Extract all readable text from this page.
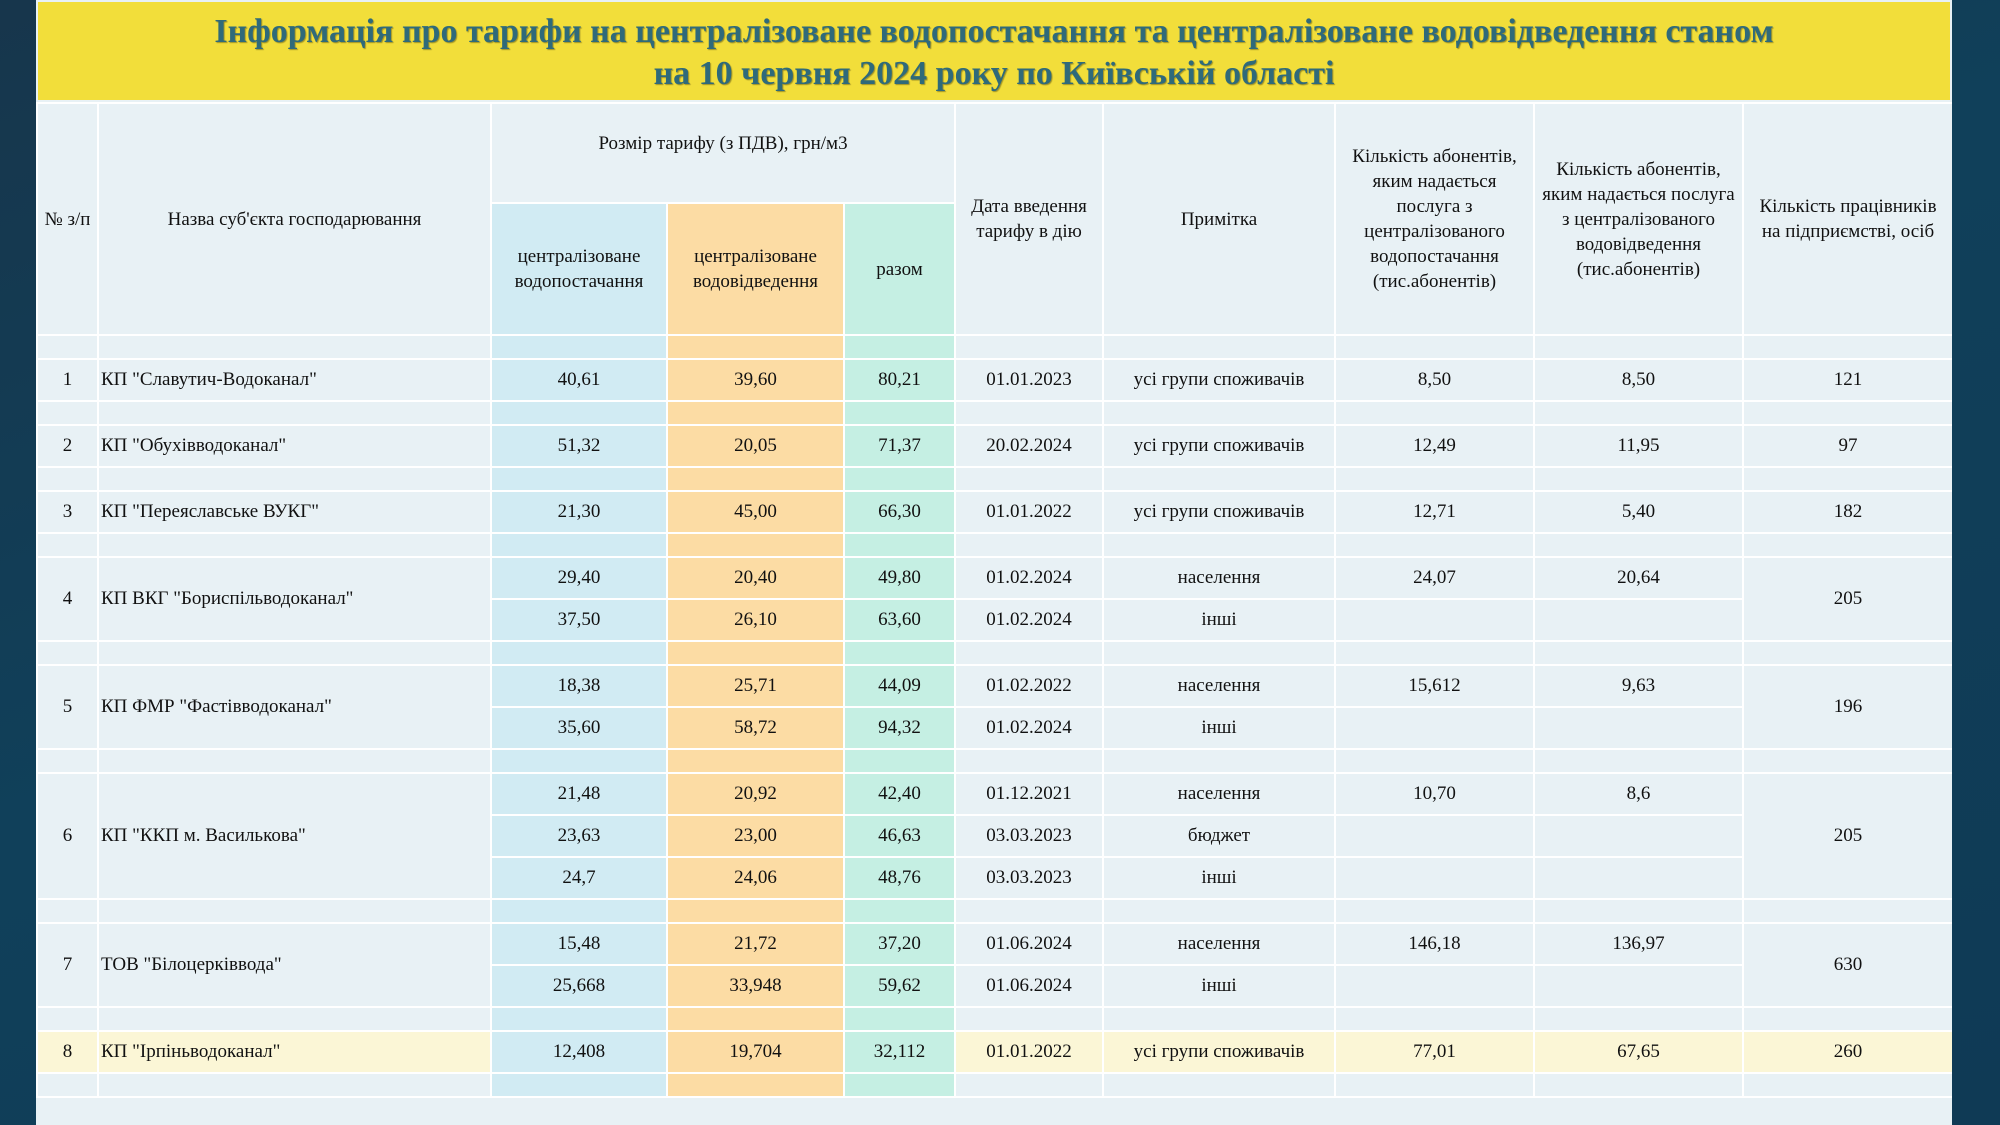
Інформація про тарифи на централізоване водопостачання та централізоване водовідведення станом
на 10 червня 2024 року по Київській області
№ з/п	Назва суб'єкта господарювання	Розмір тарифу (з ПДВ), грн/м3			Дата введення тарифу в дію	Примітка	Кількість абонентів, яким надається послуга з централізованого водопостачання (тис.абонентів)	Кількість абонентів, яким надається послуга з централізованого водовідведення (тис.абонентів)	Кількість працівників на підприємстві, осіб
		централізоване водопостачання	централізоване водовідведення	разом					

1	КП "Славутич-Водоканал"	40,61	39,60	80,21	01.01.2023	усі групи споживачів	8,50	8,50	121

2	КП "Обухівводоканал"	51,32	20,05	71,37	20.02.2024	усі групи споживачів	12,49	11,95	97

3	КП "Переяславське ВУКГ"	21,30	45,00	66,30	01.01.2022	усі групи споживачів	12,71	5,40	182

4	КП ВКГ "Бориспільводоканал"	29,40	20,40	49,80	01.02.2024	населення	24,07	20,64	205
		37,50	26,10	63,60	01.02.2024	інші			

5	КП ФМР "Фастівводоканал"	18,38	25,71	44,09	01.02.2022	населення	15,612	9,63	196
		35,60	58,72	94,32	01.02.2024	інші			

6	КП "ККП м. Василькова"	21,48	20,92	42,40	01.12.2021	населення	10,70	8,6	205
		23,63	23,00	46,63	03.03.2023	бюджет			
		24,7	24,06	48,76	03.03.2023	інші			

7	ТОВ "Білоцерківвода"	15,48	21,72	37,20	01.06.2024	населення	146,18	136,97	630
		25,668	33,948	59,62	01.06.2024	інші			

8	КП "Ірпіньводоканал"	12,408	19,704	32,112	01.01.2022	усі групи споживачів	77,01	67,65	260
